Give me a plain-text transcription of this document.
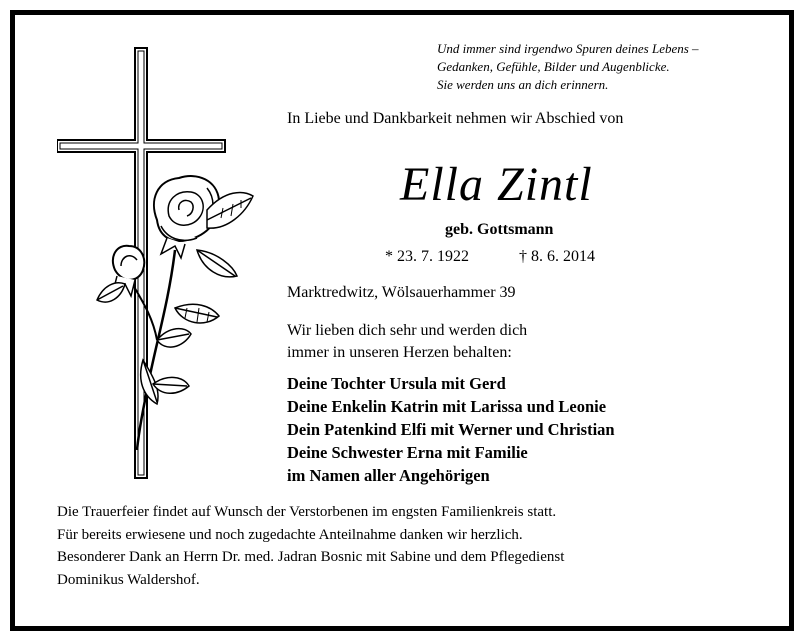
Und immer sind irgendwo Spuren deines Lebens –
Gedanken, Gefühle, Bilder und Augenblicke.
Sie werden uns an dich erinnern.
In Liebe und Dankbarkeit nehmen wir Abschied von
Ella Zintl
geb. Gottsmann
* 23. 7. 1922	† 8. 6. 2014
Marktredwitz, Wölsauerhammer 39
Wir lieben dich sehr und werden dich
immer in unseren Herzen behalten:
Deine Tochter Ursula mit Gerd
Deine Enkelin Katrin mit Larissa und Leonie
Dein Patenkind Elfi mit Werner und Christian
Deine Schwester Erna mit Familie
im Namen aller Angehörigen
Die Trauerfeier findet auf Wunsch der Verstorbenen im engsten Familienkreis statt.
Für bereits erwiesene und noch zugedachte Anteilnahme danken wir herzlich.
Besonderer Dank an Herrn Dr. med. Jadran Bosnic mit Sabine und dem Pflegedienst
Dominikus Waldershof.
